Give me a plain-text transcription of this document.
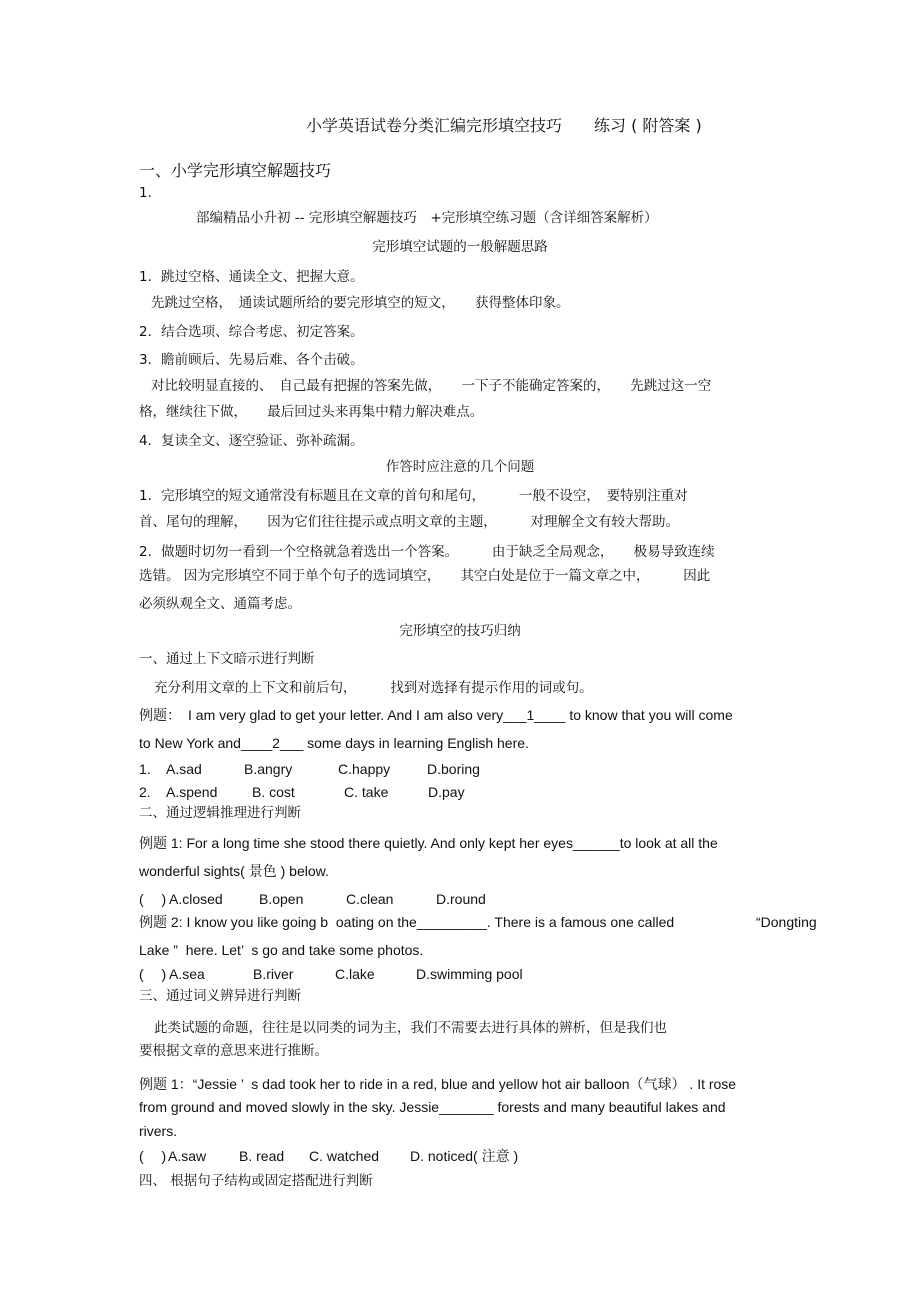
小学英语试卷分类汇编完形填空技巧　　练习 ( 附答案 )
一、小学完形填空解题技巧
1．
部编精品小升初 -- 完形填空解题技巧　+完形填空练习题（含详细答案解析）
完形填空试题的一般解题思路
1．跳过空格、通读全文、把握大意。
先跳过空格，　通读试题所给的要完形填空的短文，　　获得整体印象。
2．结合选项、综合考虑、初定答案。
3．瞻前顾后、先易后难、各个击破。
对比较明显直接的、　自己最有把握的答案先做，　　一下子不能确定答案的，　　先跳过这一空
格，继续往下做，　　最后回过头来再集中精力解决难点。
4．复读全文、逐空验证、弥补疏漏。
作答时应注意的几个问题
1．完形填空的短文通常没有标题且在文章的首句和尾句，　　　一般不设空，　要特别注重对
首、尾句的理解，　　因为它们往往提示或点明文章的主题，　　　对理解全文有较大帮助。
2．做题时切勿一看到一个空格就急着选出一个答案。　　　由于缺乏全局观念，　　极易导致连续
选错。 因为完形填空不同于单个句子的选词填空，　　其空白处是位于一篇文章之中，　　　因此
必须纵观全文、通篇考虑。
完形填空的技巧归纳
一、通过上下文暗示进行判断
充分利用文章的上下文和前后句，　　　找到对选择有提示作用的词或句。
例题：　I am very glad to get your letter. And I am also very___1____ to know that you will come
to New York and____2___ some days in learning English here.
1. A.sad	B.angry	C.happy	D.boring
2. A.spend B. cost	C. take	D.pay
二、通过逻辑推理进行判断
例题 1: For a long time she stood there quietly. And only kept her eyes______to look at all the
wonderful sights( 景色 ) below.
(　 ) A.closed	B.open	C.clean	D.round
例题 2: I know you like going b  oating on the_________. There is a famous one called	“Dongting
Lake ”  here. Let’  s go and take some photos.
(　 ) A.sea	B.river	C.lake	D.swimming pool
三、通过词义辨异进行判断
此类试题的命题，往往是以同类的词为主，我们不需要去进行具体的辨析，但是我们也
要根据文章的意思来进行推断。
例题 1：“Jessie ’  s dad took her to ride in a red, blue and yellow hot air balloon（气球） . It rose
from ground and moved slowly in the sky. Jessie_______ forests and many beautiful lakes and
rivers.
(　 ) A.saw B. read C. watched D. noticed( 注意 )
四、 根据句子结构或固定搭配进行判断
